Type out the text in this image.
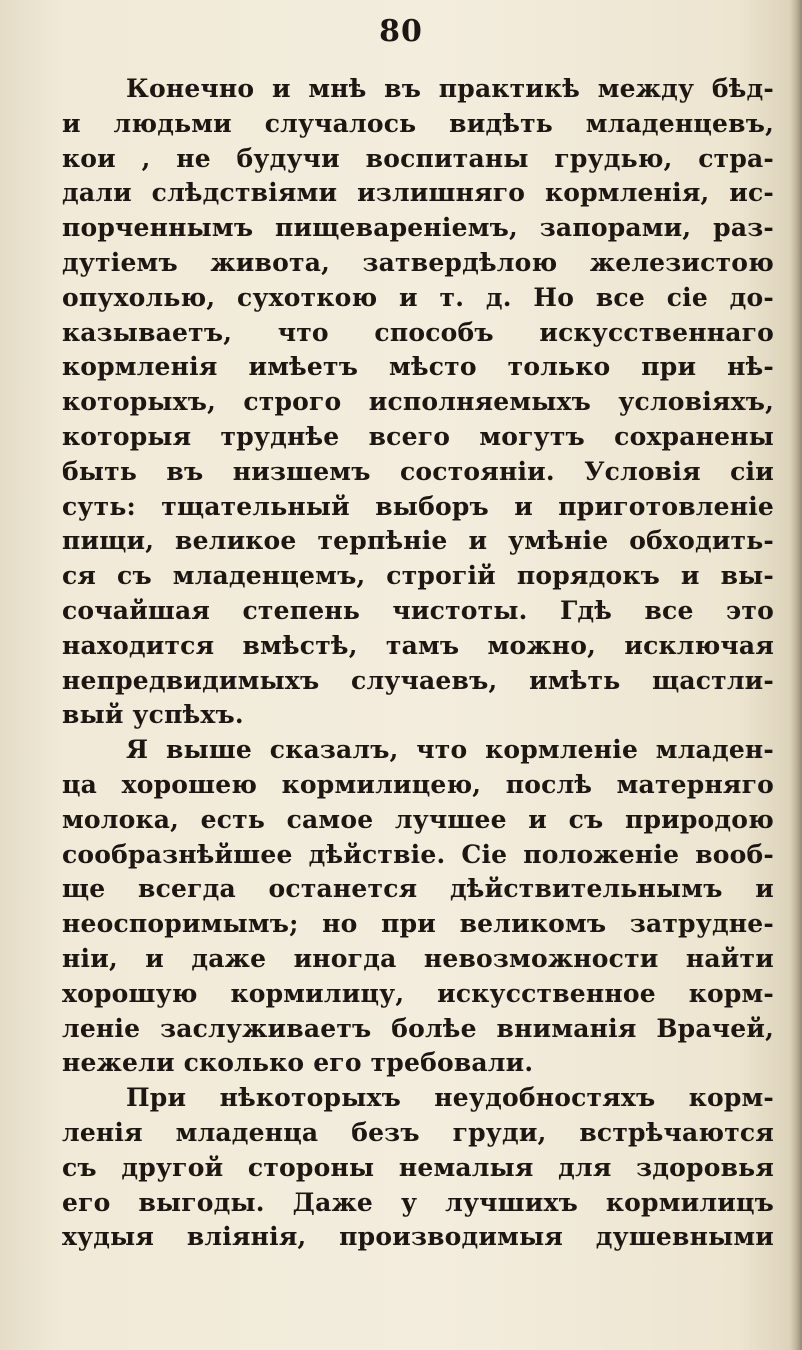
80
Конечно и мнѣ въ практикѣ между бѣд-
и людьми случалось видѣть младенцевъ,
кои , не будучи воспитаны грудью, стра-
дали слѣдствіями излишняго кормленія, ис-
порченнымъ пищевареніемъ, запорами, раз-
дутіемъ живота, затвердѣлою железистою
опухолью, сухоткою и т. д. Но все сіе до-
казываетъ, что способъ искусственнаго
кормленія имѣетъ мѣсто только при нѣ-
которыхъ, строго исполняемыхъ условіяхъ,
которыя труднѣе всего могутъ сохранены
быть въ низшемъ состояніи. Условія сіи
суть: тщательный выборъ и приготовленіе
пищи, великое терпѣніе и умѣніе обходить-
ся съ младенцемъ, строгій порядокъ и вы-
сочайшая степень чистоты. Гдѣ все это
находится вмѣстѣ, тамъ можно, исключая
непредвидимыхъ случаевъ, имѣть щастли-
вый успѣхъ.
Я выше сказалъ, что кормленіе младен-
ца хорошею кормилицею, послѣ матерняго
молока, есть самое лучшее и съ природою
сообразнѣйшее дѣйствіе. Сіе положеніе вооб-
ще всегда останется дѣйствительнымъ и
неоспоримымъ; но при великомъ затрудне-
ніи, и даже иногда невозможности найти
хорошую кормилицу, искусственное корм-
леніе заслуживаетъ болѣе вниманія Врачей,
нежели сколько его требовали.
При нѣкоторыхъ неудобностяхъ корм-
ленія младенца безъ груди, встрѣчаются
съ другой стороны немалыя для здоровья
его выгоды. Даже у лучшихъ кормилицъ
худыя вліянія, производимыя душевными
